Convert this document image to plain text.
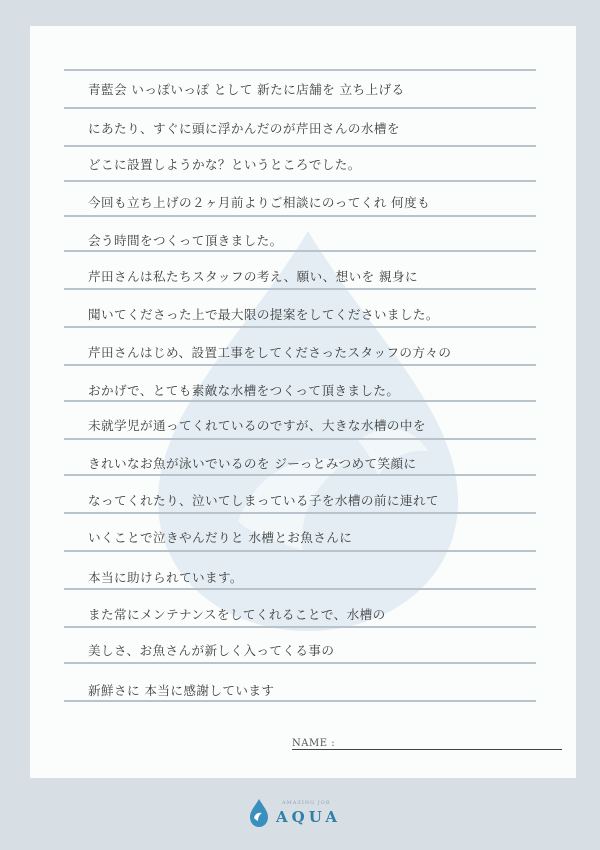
青藍会 いっぽいっぽ として 新たに店舗を 立ち上げる
にあたり、すぐに頭に浮かんだのが芹田さんの水槽を
どこに設置しようかな？というところでした。
今回も立ち上げの２ヶ月前よりご相談にのってくれ 何度も
会う時間をつくって頂きました。
芹田さんは私たちスタッフの考え、願い、想いを 親身に
聞いてくださった上で最大限の提案をしてくださいました。
芹田さんはじめ、設置工事をしてくださったスタッフの方々の
おかげで、とても素敵な水槽をつくって頂きました。
未就学児が通ってくれているのですが、大きな水槽の中を
きれいなお魚が泳いでいるのを ジーっとみつめて笑顔に
なってくれたり、泣いてしまっている子を水槽の前に連れて
いくことで泣きやんだりと 水槽とお魚さんに
本当に助けられています。
また常にメンテナンスをしてくれることで、水槽の
美しさ、お魚さんが新しく入ってくる事の
新鮮さに 本当に感謝しています
NAME :
AMAZING JOB
AQUA
